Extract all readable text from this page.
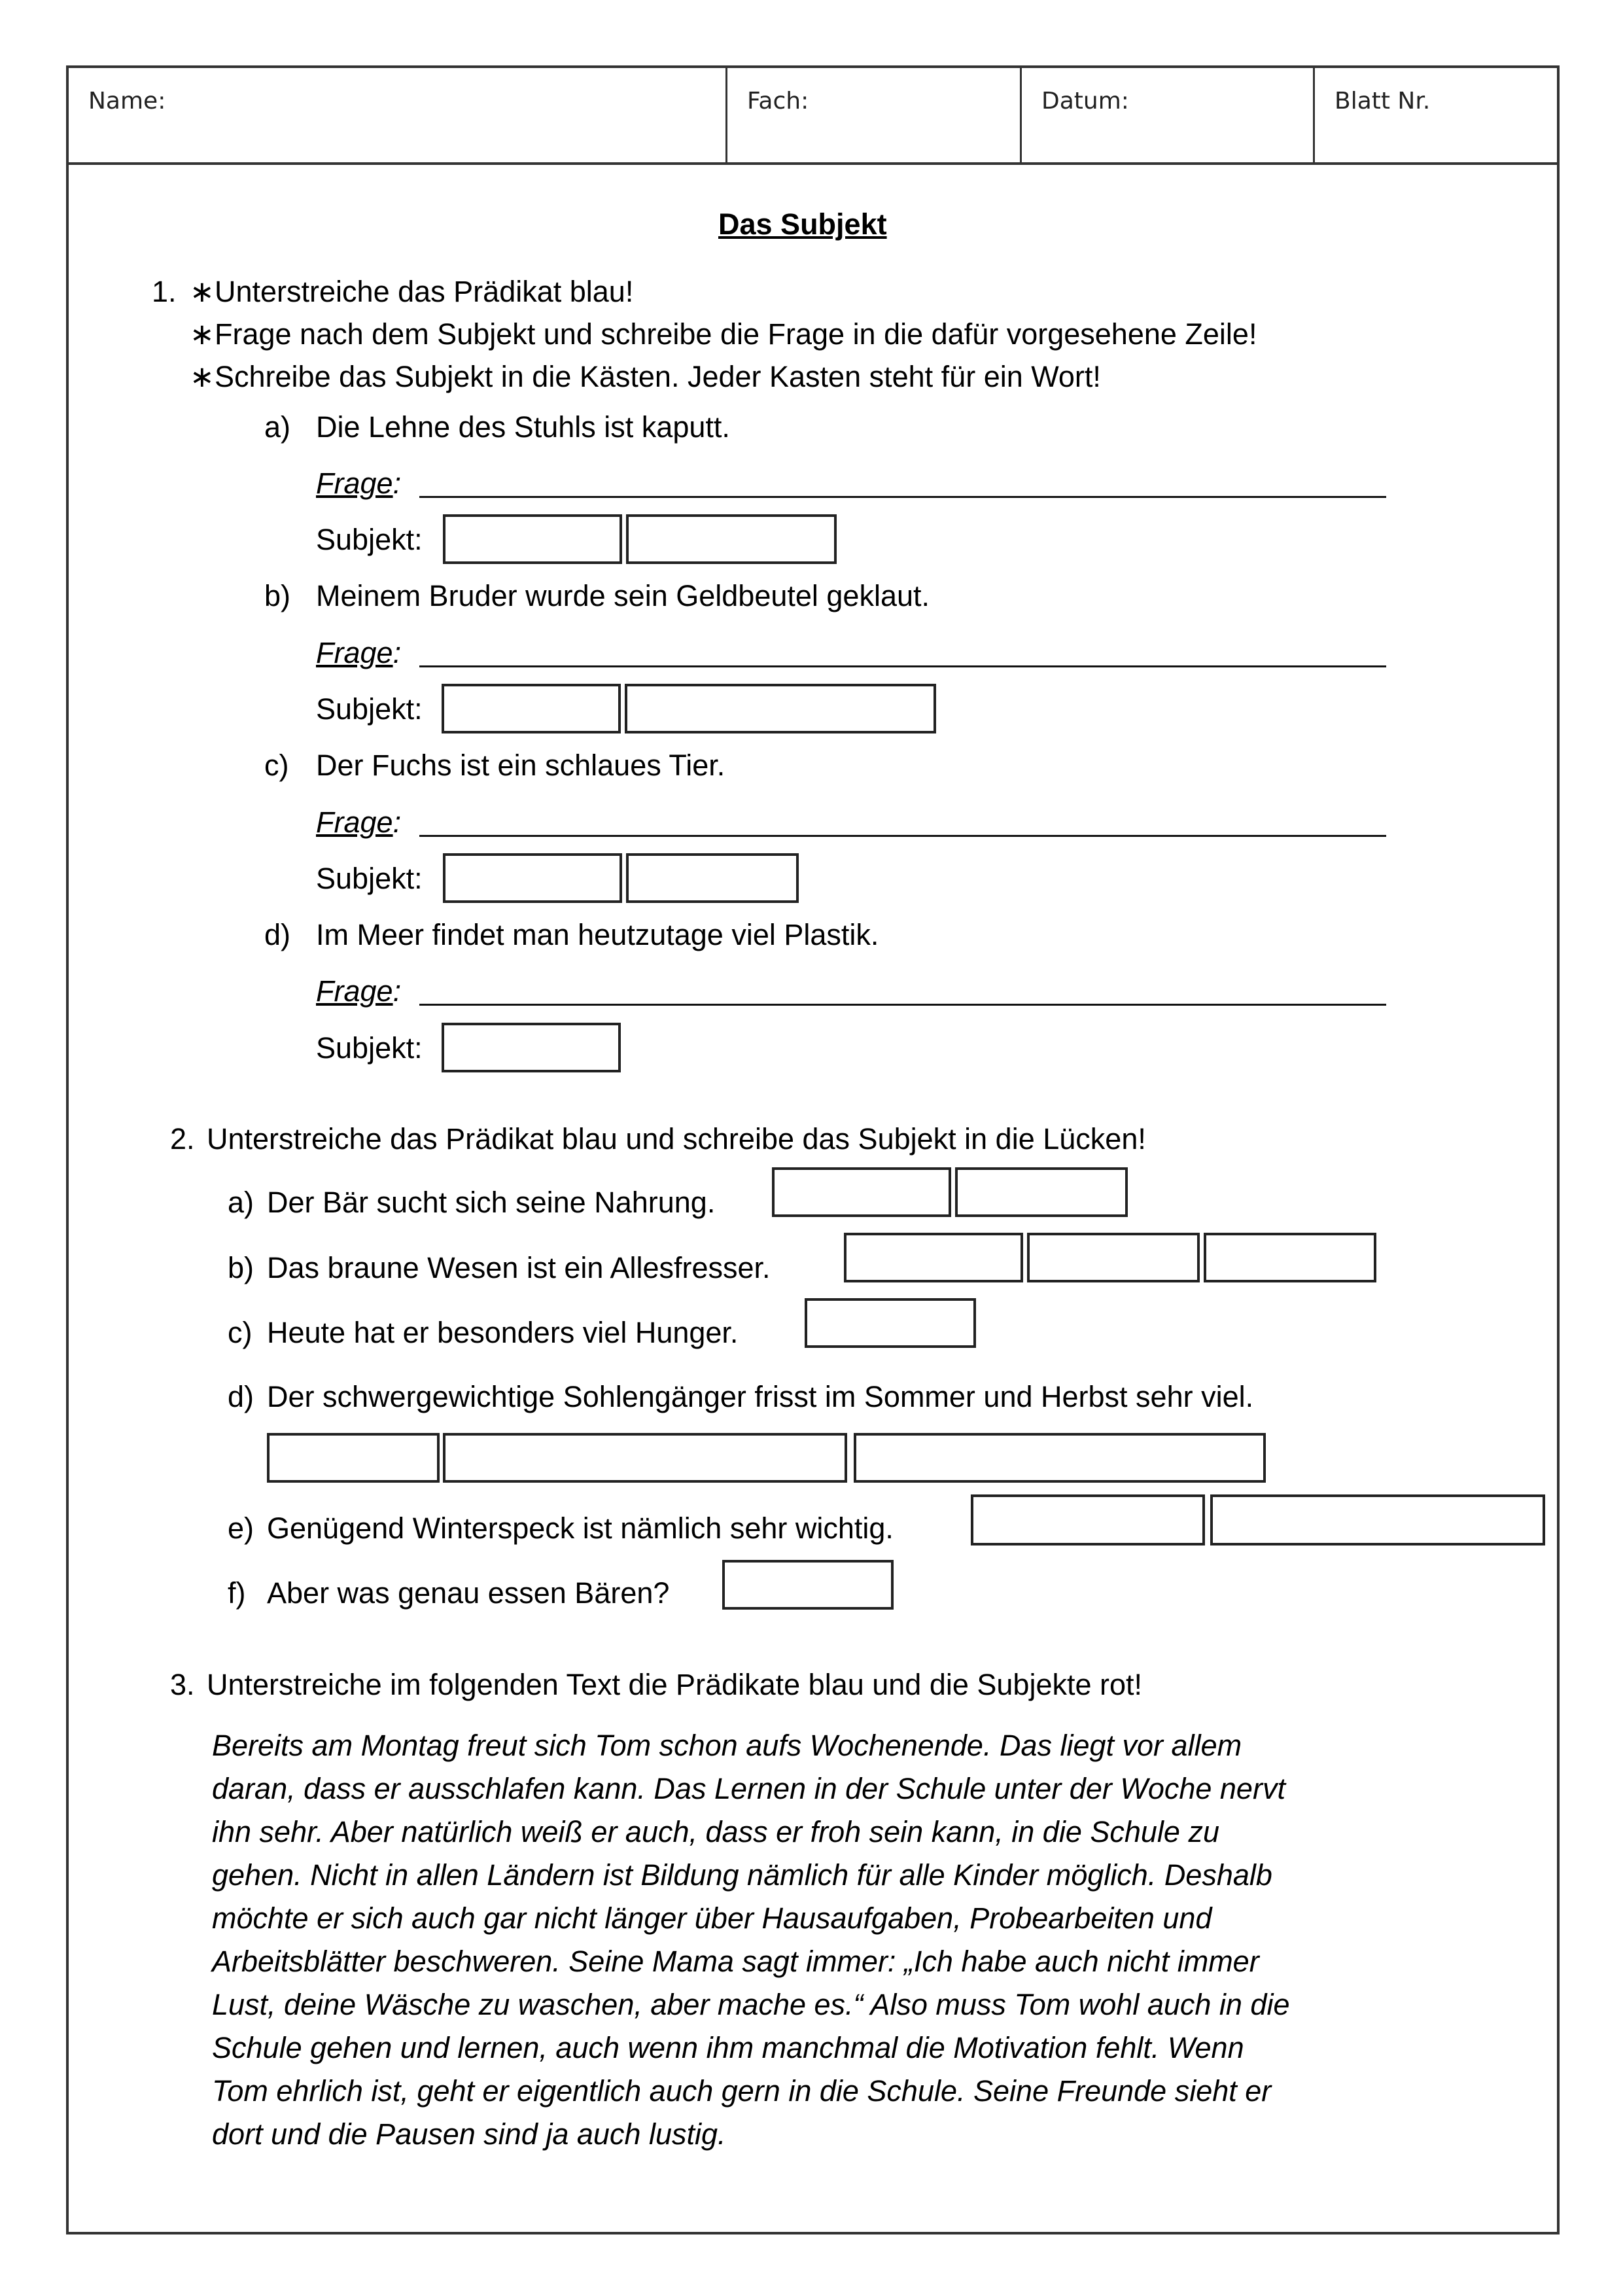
Name:	Fach:	Datum:	Blatt Nr.
Das Subjekt
1. ∗ Unterstreiche das Prädikat blau!
∗ Frage nach dem Subjekt und schreibe die Frage in die dafür vorgesehene Zeile!
∗ Schreibe das Subjekt in die Kästen. Jeder Kasten steht für ein Wort!
a) Die Lehne des Stuhls ist kaputt.
Frage:
Subjekt:
b) Meinem Bruder wurde sein Geldbeutel geklaut.
Frage:
Subjekt:
c) Der Fuchs ist ein schlaues Tier.
Frage:
Subjekt:
d) Im Meer findet man heutzutage viel Plastik.
Frage:
Subjekt:
2. Unterstreiche das Prädikat blau und schreibe das Subjekt in die Lücken!
a) Der Bär sucht sich seine Nahrung.
b) Das braune Wesen ist ein Allesfresser.
c) Heute hat er besonders viel Hunger.
d) Der schwergewichtige Sohlengänger frisst im Sommer und Herbst sehr viel.
e) Genügend Winterspeck ist nämlich sehr wichtig.
f) Aber was genau essen Bären?
3. Unterstreiche im folgenden Text die Prädikate blau und die Subjekte rot!
Bereits am Montag freut sich Tom schon aufs Wochenende. Das liegt vor allem
daran, dass er ausschlafen kann. Das Lernen in der Schule unter der Woche nervt
ihn sehr. Aber natürlich weiß er auch, dass er froh sein kann, in die Schule zu
gehen. Nicht in allen Ländern ist Bildung nämlich für alle Kinder möglich. Deshalb
möchte er sich auch gar nicht länger über Hausaufgaben, Probearbeiten und
Arbeitsblätter beschweren. Seine Mama sagt immer: „Ich habe auch nicht immer
Lust, deine Wäsche zu waschen, aber mache es.“ Also muss Tom wohl auch in die
Schule gehen und lernen, auch wenn ihm manchmal die Motivation fehlt. Wenn
Tom ehrlich ist, geht er eigentlich auch gern in die Schule. Seine Freunde sieht er
dort und die Pausen sind ja auch lustig.
